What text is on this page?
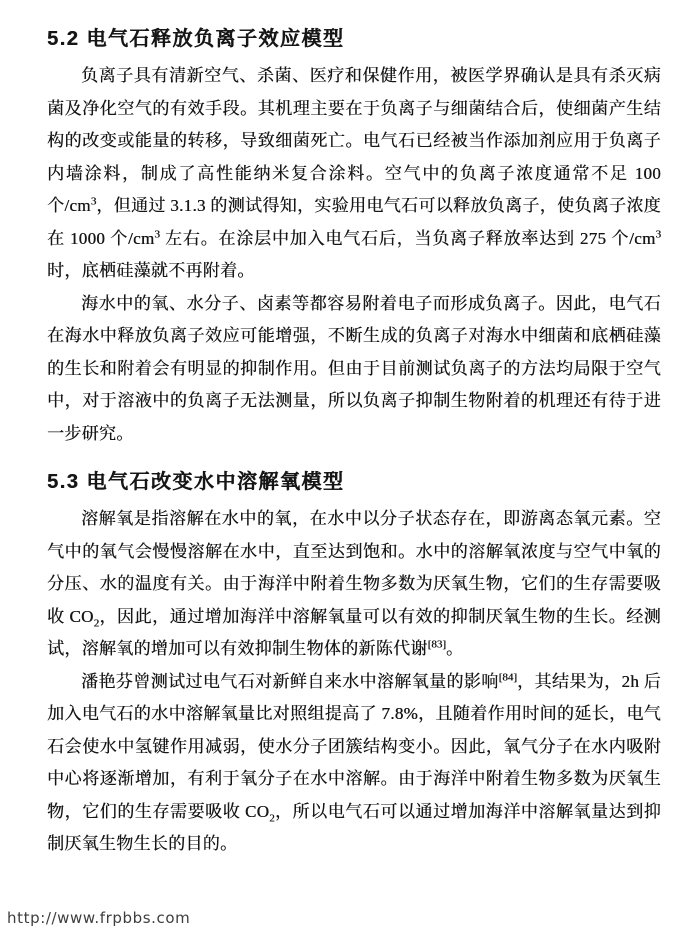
5.2 电气石释放负离子效应模型

负离子具有清新空气、杀菌、医疗和保健作用，被医学界确认是具有杀灭病菌及净化空气的有效手段。其机理主要在于负离子与细菌结合后，使细菌产生结构的改变或能量的转移，导致细菌死亡。电气石已经被当作添加剂应用于负离子内墙涂料，制成了高性能纳米复合涂料。空气中的负离子浓度通常不足 100 个$/cm^3$，但通过 3.1.3 的测试得知，实验用电气石可以释放负离子，使负离子浓度在 1000 个$/cm^3$ 左右。在涂层中加入电气石后，当负离子释放率达到 275 个$/cm^3$ 时，底栖硅藻就不再附着。

海水中的氧、水分子、卤素等都容易附着电子而形成负离子。因此，电气石在海水中释放负离子效应可能增强，不断生成的负离子对海水中细菌和底栖硅藻的生长和附着会有明显的抑制作用。但由于目前测试负离子的方法均局限于空气中，对于溶液中的负离子无法测量，所以负离子抑制生物附着的机理还有待于进一步研究。

5.3 电气石改变水中溶解氧模型

溶解氧是指溶解在水中的氧，在水中以分子状态存在，即游离态氧元素。空气中的氧气会慢慢溶解在水中，直至达到饱和。水中的溶解氧浓度与空气中氧的分压、水的温度有关。由于海洋中附着生物多数为厌氧生物，它们的生存需要吸收 $CO_2$，因此，通过增加海洋中溶解氧量可以有效的抑制厌氧生物的生长。经测试，溶解氧的增加可以有效抑制生物体的新陈代谢[83]。

潘艳芬曾测试过电气石对新鲜自来水中溶解氧量的影响[84]，其结果为，2h 后加入电气石的水中溶解氧量比对照组提高了 7.8%，且随着作用时间的延长，电气石会使水中氢键作用减弱，使水分子团簇结构变小。因此，氧气分子在水内吸附中心将逐渐增加，有利于氧分子在水中溶解。由于海洋中附着生物多数为厌氧生物，它们的生存需要吸收 $CO_2$，所以电气石可以通过增加海洋中溶解氧量达到抑制厌氧生物生长的目的。

http://www.frpbbs.com
